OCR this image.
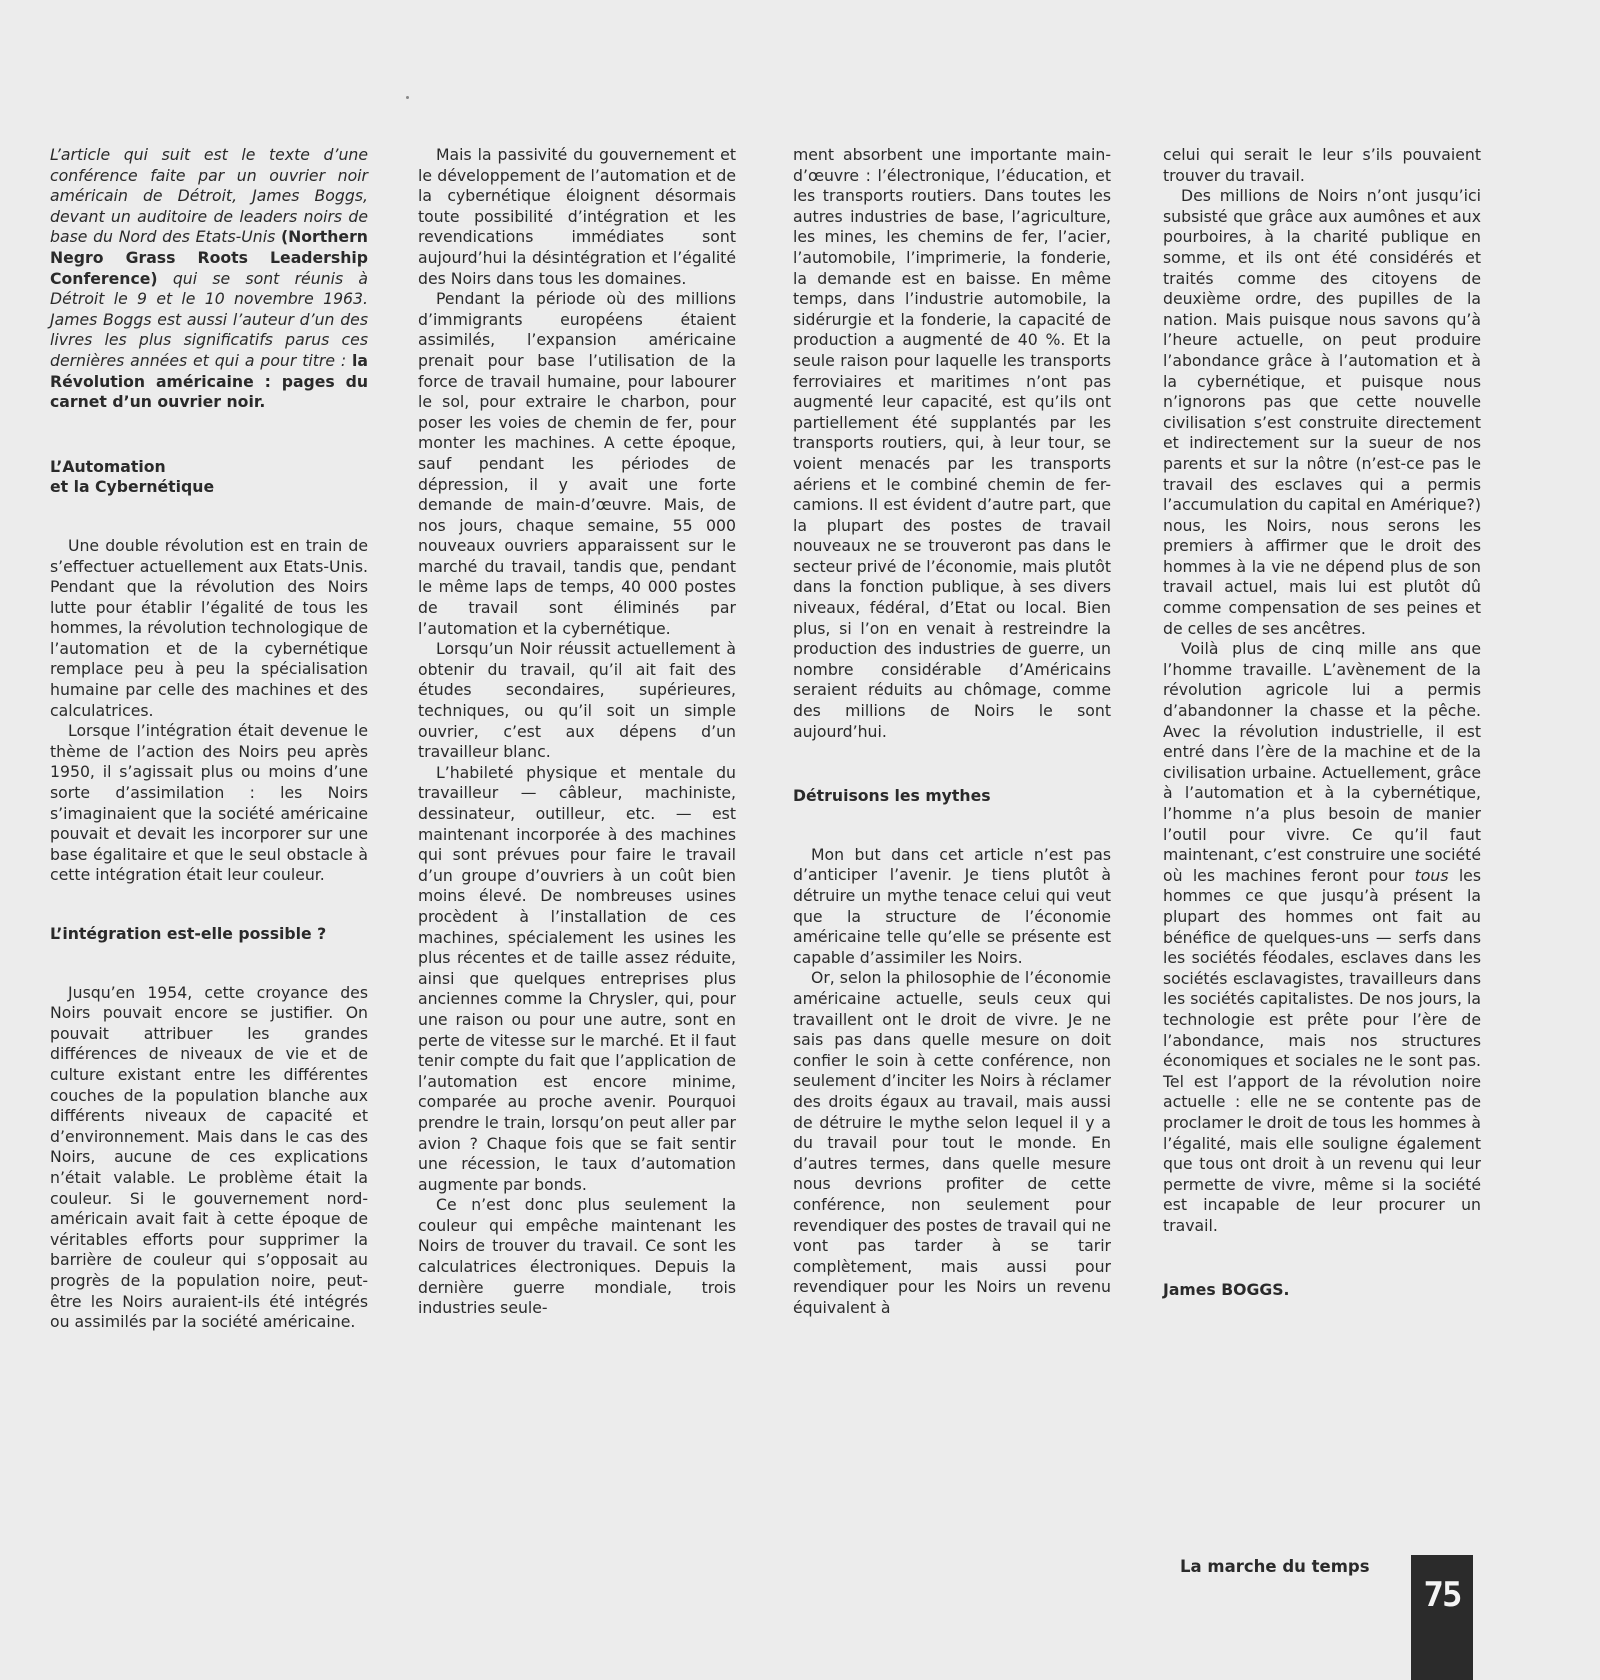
L’article qui suit est le texte d’une conférence faite par un ouvrier noir américain de Détroit, James Boggs, devant un auditoire de leaders noirs de base du Nord des Etats-Unis (Northern Negro Grass Roots Leadership Conference) qui se sont réunis à Détroit le 9 et le 10 novembre 1963. James Boggs est aussi l’auteur d’un des livres les plus significatifs parus ces dernières années et qui a pour titre : la Révolution américaine : pages du carnet d’un ouvrier noir.

L’Automation
et la Cybernétique

Une double révolution est en train de s’effectuer actuellement aux Etats-Unis. Pendant que la révolution des Noirs lutte pour établir l’égalité de tous les hommes, la révolution technologique de l’automation et de la cybernétique remplace peu à peu la spécialisation humaine par celle des machines et des calculatrices.

Lorsque l’intégration était devenue le thème de l’action des Noirs peu après 1950, il s’agissait plus ou moins d’une sorte d’assimilation : les Noirs s’imaginaient que la société américaine pouvait et devait les incorporer sur une base égalitaire et que le seul obstacle à cette intégration était leur couleur.

L’intégration est-elle possible ?

Jusqu’en 1954, cette croyance des Noirs pouvait encore se justifier. On pouvait attribuer les grandes différences de niveaux de vie et de culture existant entre les différentes couches de la population blanche aux différents niveaux de capacité et d’environnement. Mais dans le cas des Noirs, aucune de ces explications n’était valable. Le problème était la couleur. Si le gouvernement nord-américain avait fait à cette époque de véritables efforts pour supprimer la barrière de couleur qui s’opposait au progrès de la population noire, peut-être les Noirs auraient-ils été intégrés ou assimilés par la société américaine.

Mais la passivité du gouvernement et le développement de l’automation et de la cybernétique éloignent désormais toute possibilité d’intégration et les revendications immédiates sont aujourd’hui la désintégration et l’égalité des Noirs dans tous les domaines.

Pendant la période où des millions d’immigrants européens étaient assimilés, l’expansion américaine prenait pour base l’utilisation de la force de travail humaine, pour labourer le sol, pour extraire le charbon, pour poser les voies de chemin de fer, pour monter les machines. A cette époque, sauf pendant les périodes de dépression, il y avait une forte demande de main-d’œuvre. Mais, de nos jours, chaque semaine, 55 000 nouveaux ouvriers apparaissent sur le marché du travail, tandis que, pendant le même laps de temps, 40 000 postes de travail sont éliminés par l’automation et la cybernétique.

Lorsqu’un Noir réussit actuellement à obtenir du travail, qu’il ait fait des études secondaires, supérieures, techniques, ou qu’il soit un simple ouvrier, c’est aux dépens d’un travailleur blanc.

L’habileté physique et mentale du travailleur — câbleur, machiniste, dessinateur, outilleur, etc. — est maintenant incorporée à des machines qui sont prévues pour faire le travail d’un groupe d’ouvriers à un coût bien moins élevé. De nombreuses usines procèdent à l’installation de ces machines, spécialement les usines les plus récentes et de taille assez réduite, ainsi que quelques entreprises plus anciennes comme la Chrysler, qui, pour une raison ou pour une autre, sont en perte de vitesse sur le marché. Et il faut tenir compte du fait que l’application de l’automation est encore minime, comparée au proche avenir. Pourquoi prendre le train, lorsqu’on peut aller par avion ? Chaque fois que se fait sentir une récession, le taux d’automation augmente par bonds.

Ce n’est donc plus seulement la couleur qui empêche maintenant les Noirs de trouver du travail. Ce sont les calculatrices électroniques. Depuis la dernière guerre mondiale, trois industries seule-

ment absorbent une importante main-d’œuvre : l’électronique, l’éducation, et les transports routiers. Dans toutes les autres industries de base, l’agriculture, les mines, les chemins de fer, l’acier, l’automobile, l’imprimerie, la fonderie, la demande est en baisse. En même temps, dans l’industrie automobile, la sidérurgie et la fonderie, la capacité de production a augmenté de 40 %. Et la seule raison pour laquelle les transports ferroviaires et maritimes n’ont pas augmenté leur capacité, est qu’ils ont partiellement été supplantés par les transports routiers, qui, à leur tour, se voient menacés par les transports aériens et le combiné chemin de fer-camions. Il est évident d’autre part, que la plupart des postes de travail nouveaux ne se trouveront pas dans le secteur privé de l’économie, mais plutôt dans la fonction publique, à ses divers niveaux, fédéral, d’Etat ou local. Bien plus, si l’on en venait à restreindre la production des industries de guerre, un nombre considérable d’Américains seraient réduits au chômage, comme des millions de Noirs le sont aujourd’hui.

Détruisons les mythes

Mon but dans cet article n’est pas d’anticiper l’avenir. Je tiens plutôt à détruire un mythe tenace celui qui veut que la structure de l’économie américaine telle qu’elle se présente est capable d’assimiler les Noirs.

Or, selon la philosophie de l’économie américaine actuelle, seuls ceux qui travaillent ont le droit de vivre. Je ne sais pas dans quelle mesure on doit confier le soin à cette conférence, non seulement d’inciter les Noirs à réclamer des droits égaux au travail, mais aussi de détruire le mythe selon lequel il y a du travail pour tout le monde. En d’autres termes, dans quelle mesure nous devrions profiter de cette conférence, non seulement pour revendiquer des postes de travail qui ne vont pas tarder à se tarir complètement, mais aussi pour revendiquer pour les Noirs un revenu équivalent à

celui qui serait le leur s’ils pouvaient trouver du travail.

Des millions de Noirs n’ont jusqu’ici subsisté que grâce aux aumônes et aux pourboires, à la charité publique en somme, et ils ont été considérés et traités comme des citoyens de deuxième ordre, des pupilles de la nation. Mais puisque nous savons qu’à l’heure actuelle, on peut produire l’abondance grâce à l’automation et à la cybernétique, et puisque nous n’ignorons pas que cette nouvelle civilisation s’est construite directement et indirectement sur la sueur de nos parents et sur la nôtre (n’est-ce pas le travail des esclaves qui a permis l’accumulation du capital en Amérique?) nous, les Noirs, nous serons les premiers à affirmer que le droit des hommes à la vie ne dépend plus de son travail actuel, mais lui est plutôt dû comme compensation de ses peines et de celles de ses ancêtres.

Voilà plus de cinq mille ans que l’homme travaille. L’avènement de la révolution agricole lui a permis d’abandonner la chasse et la pêche. Avec la révolution industrielle, il est entré dans l’ère de la machine et de la civilisation urbaine. Actuellement, grâce à l’automation et à la cybernétique, l’homme n’a plus besoin de manier l’outil pour vivre. Ce qu’il faut maintenant, c’est construire une société où les machines feront pour tous les hommes ce que jusqu’à présent la plupart des hommes ont fait au bénéfice de quelques-uns — serfs dans les sociétés féodales, esclaves dans les sociétés esclavagistes, travailleurs dans les sociétés capitalistes. De nos jours, la technologie est prête pour l’ère de l’abondance, mais nos structures économiques et sociales ne le sont pas. Tel est l’apport de la révolution noire actuelle : elle ne se contente pas de proclamer le droit de tous les hommes à l’égalité, mais elle souligne également que tous ont droit à un revenu qui leur permette de vivre, même si la société est incapable de leur procurer un travail.

James BOGGS.

La marche du temps
75
